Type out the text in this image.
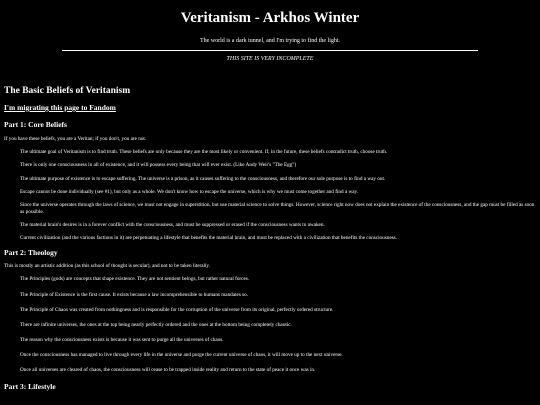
Veritanism - Arkhos Winter
The world is a dark tunnel, and I'm trying to find the light.
THIS SITE IS VERY INCOMPLETE
The Basic Beliefs of Veritanism
I'm migrating this page to Fandom
Part 1: Core Beliefs

If you have these beliefs, you are a Veritan; if you don't, you are not.

The ultimate goal of Veritanism is to find truth. These beliefs are only because they are the most likely or convenient. If, in the future, these beliefs contradict truth, choose truth.
There is only one consciousness in all of existence, and it will possess every being that will ever exist. (Like Andy Weir's "The Egg")
The ultimate purpose of existence is to escape suffering. The universe is a prison, as it causes suffering to the consciousness, and therefore our sole purpose is to find a way out.
Escape cannot be done individually (see #1), but only as a whole. We don't know how to escape the universe, which is why we must come together and find a way.
Since the universe operates through the laws of science, we must not engage in superstition, but use material science to solve things. However, science right now does not explain the existence of the consciousness, and the gap must be filled as soon as possible.
The material brain's desires is in a forever conflict with the consciousness, and must be suppressed or erased if the consciousness wants to awaken.
Current civilization (and the various factions in it) are perpetuating a lifestyle that benefits the material brain, and must be replaced with a civilization that benefits the consciousness.
Part 2: Theology

This is mostly an artistic addition (as this school of thought is secular), and not to be taken literally.

The Principles (gods) are concepts that shape existence. They are not sentient beings, but rather natural forces.
The Principle of Existence is the first cause. It exists because a law incomprehensible to humans mandates so.
The Principle of Chaos was created from nothingness and is responsible for the corruption of the universe from its original, perfectly ordered structure.
There are infinite universes, the ones at the top being nearly perfectly ordered and the ones at the bottom being completely chaotic.
The reason why the consciousness exists is because it was sent to purge all the universes of chaos.
Once the consciousness has managed to live through every life in the universe and purge the current universe of chaos, it will move up to the next universe.
Once all universes are cleared of chaos, the consciousness will cease to be trapped inside reality and return to the state of peace it once was in.
Part 3: Lifestyle
